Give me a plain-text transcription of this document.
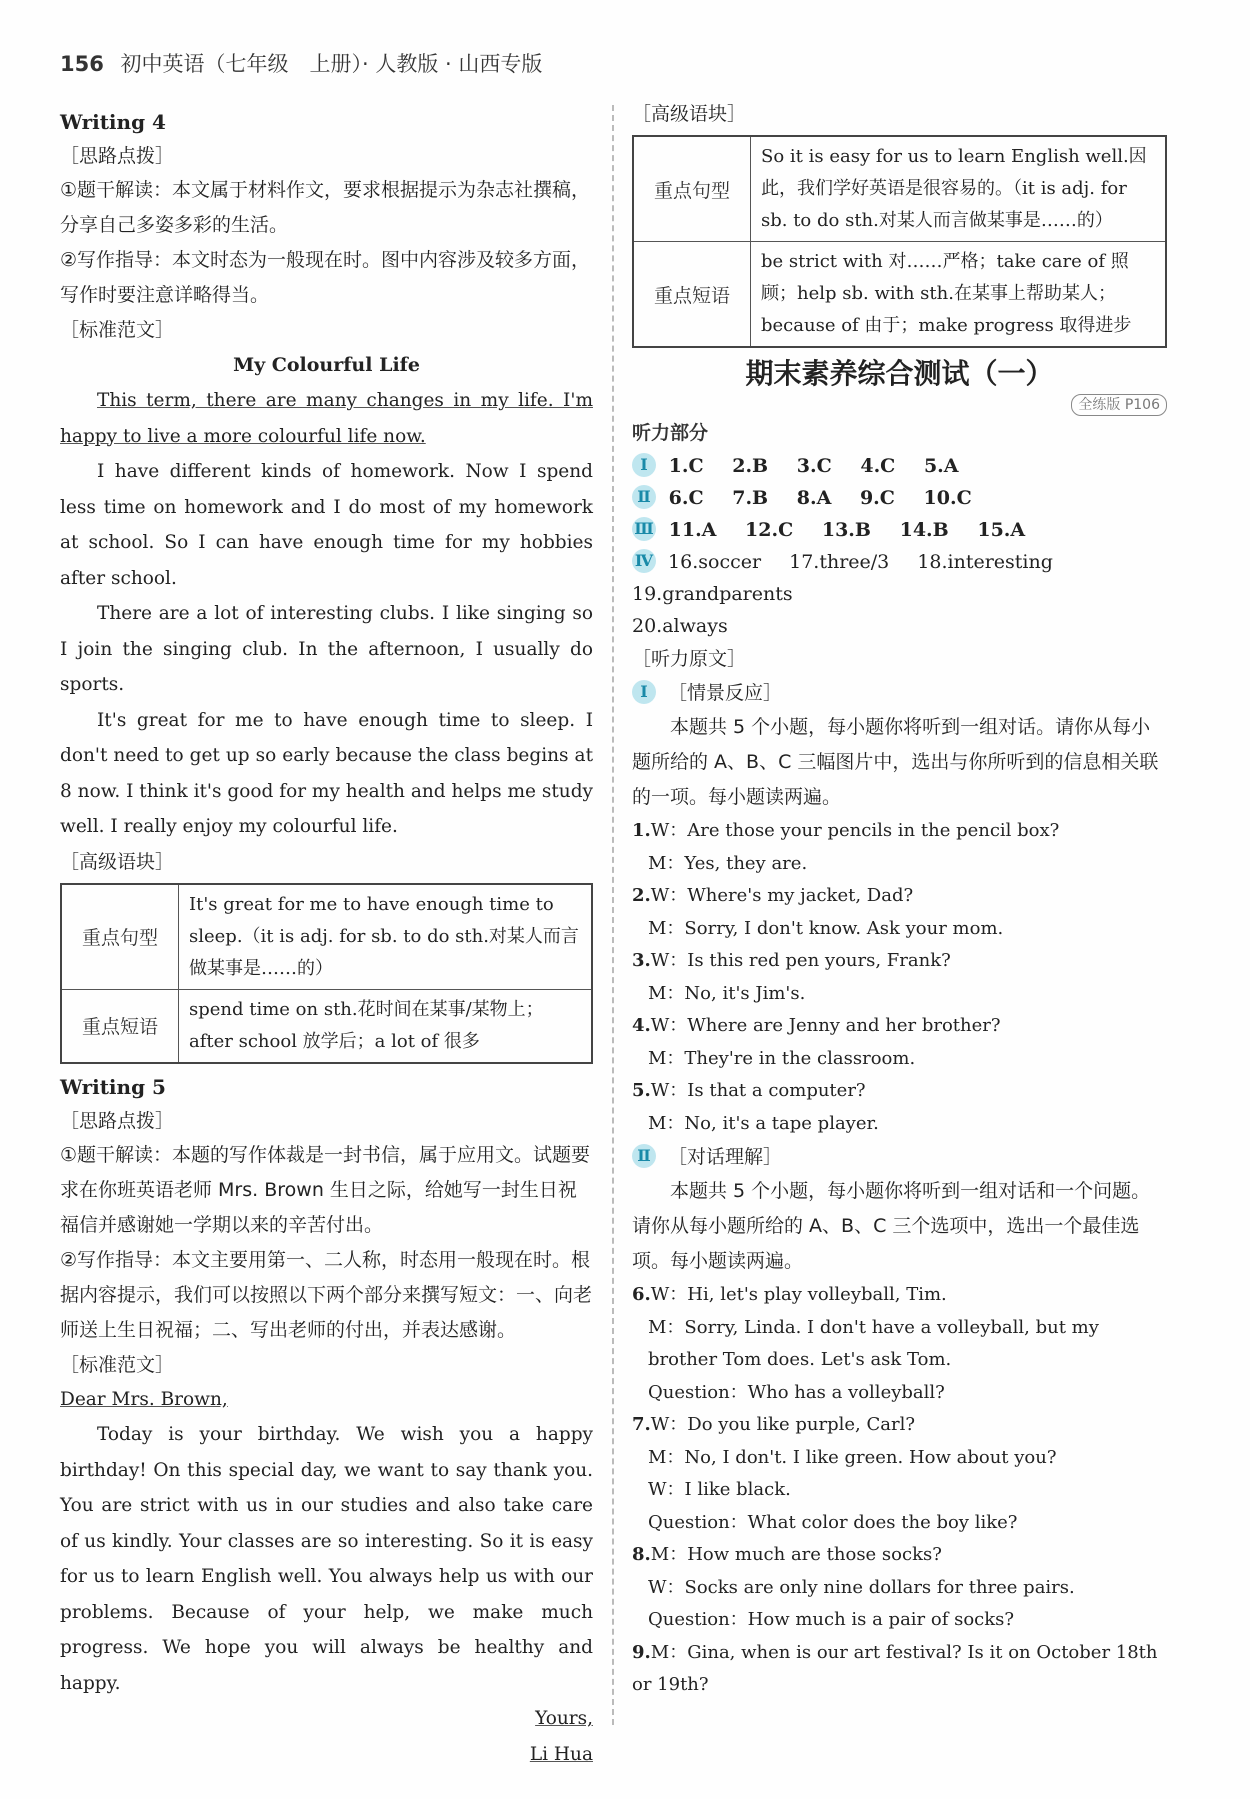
156 初中英语（七年级　上册）· 人教版 · 山西专版

Writing 4

［思路点拨］

①题干解读：本文属于材料作文，要求根据提示为杂志社撰稿，分享自己多姿多彩的生活。

②写作指导：本文时态为一般现在时。图中内容涉及较多方面，写作时要注意详略得当。

［标准范文］

My Colourful Life

This term, there are many changes in my life. I'm happy to live a more colourful life now.

I have different kinds of homework. Now I spend less time on homework and I do most of my homework at school. So I can have enough time for my hobbies after school.

There are a lot of interesting clubs. I like singing so I join the singing club. In the afternoon, I usually do sports.

It's great for me to have enough time to sleep. I don't need to get up so early because the class begins at 8 now. I think it's good for my health and helps me study well. I really enjoy my colourful life.

［高级语块］

重点句型	It's great for me to have enough time to sleep.（it is adj. for sb. to do sth.对某人而言做某事是……的）
重点短语	spend time on sth.花时间在某事/某物上；after school 放学后；a lot of 很多

Writing 5

［思路点拨］

①题干解读：本题的写作体裁是一封书信，属于应用文。试题要求在你班英语老师 Mrs. Brown 生日之际，给她写一封生日祝福信并感谢她一学期以来的辛苦付出。

②写作指导：本文主要用第一、二人称，时态用一般现在时。根据内容提示，我们可以按照以下两个部分来撰写短文：一、向老师送上生日祝福；二、写出老师的付出，并表达感谢。

［标准范文］

Dear Mrs. Brown,

Today is your birthday. We wish you a happy birthday! On this special day, we want to say thank you. You are strict with us in our studies and also take care of us kindly. Your classes are so interesting. So it is easy for us to learn English well. You always help us with our problems. Because of your help, we make much progress. We hope you will always be healthy and happy.

Yours,

Li Hua

［高级语块］

重点句型	So it is easy for us to learn English well.因此，我们学好英语是很容易的。（it is adj. for sb. to do sth.对某人而言做某事是……的）
重点短语	be strict with 对……严格；take care of 照顾；help sb. with sth.在某事上帮助某人；because of 由于；make progress 取得进步

期末素养综合测试（一）

全练版 P106

听力部分

Ⅰ 1.C 2.B 3.C 4.C 5.A

Ⅱ 6.C 7.B 8.A 9.C 10.C

Ⅲ 11.A 12.C 13.B 14.B 15.A

Ⅳ 16.soccer 17.three/3 18.interesting 19.grandparents
20.always

［听力原文］

Ⅰ ［情景反应］

本题共 5 个小题，每小题你将听到一组对话。请你从每小题所给的 A、B、C 三幅图片中，选出与你所听到的信息相关联的一项。每小题读两遍。

1.W：Are those your pencils in the pencil box?

M：Yes, they are.

2.W：Where's my jacket, Dad?

M：Sorry, I don't know. Ask your mom.

3.W：Is this red pen yours, Frank?

M：No, it's Jim's.

4.W：Where are Jenny and her brother?

M：They're in the classroom.

5.W：Is that a computer?

M：No, it's a tape player.

Ⅱ ［对话理解］

本题共 5 个小题，每小题你将听到一组对话和一个问题。请你从每小题所给的 A、B、C 三个选项中，选出一个最佳选项。每小题读两遍。

6.W：Hi, let's play volleyball, Tim.

M：Sorry, Linda. I don't have a volleyball, but my brother Tom does. Let's ask Tom.

Question：Who has a volleyball?

7.W：Do you like purple, Carl?

M：No, I don't. I like green. How about you?

W：I like black.

Question：What color does the boy like?

8.M：How much are those socks?

W：Socks are only nine dollars for three pairs.

Question：How much is a pair of socks?

9.M：Gina, when is our art festival? Is it on October 18th or 19th?
